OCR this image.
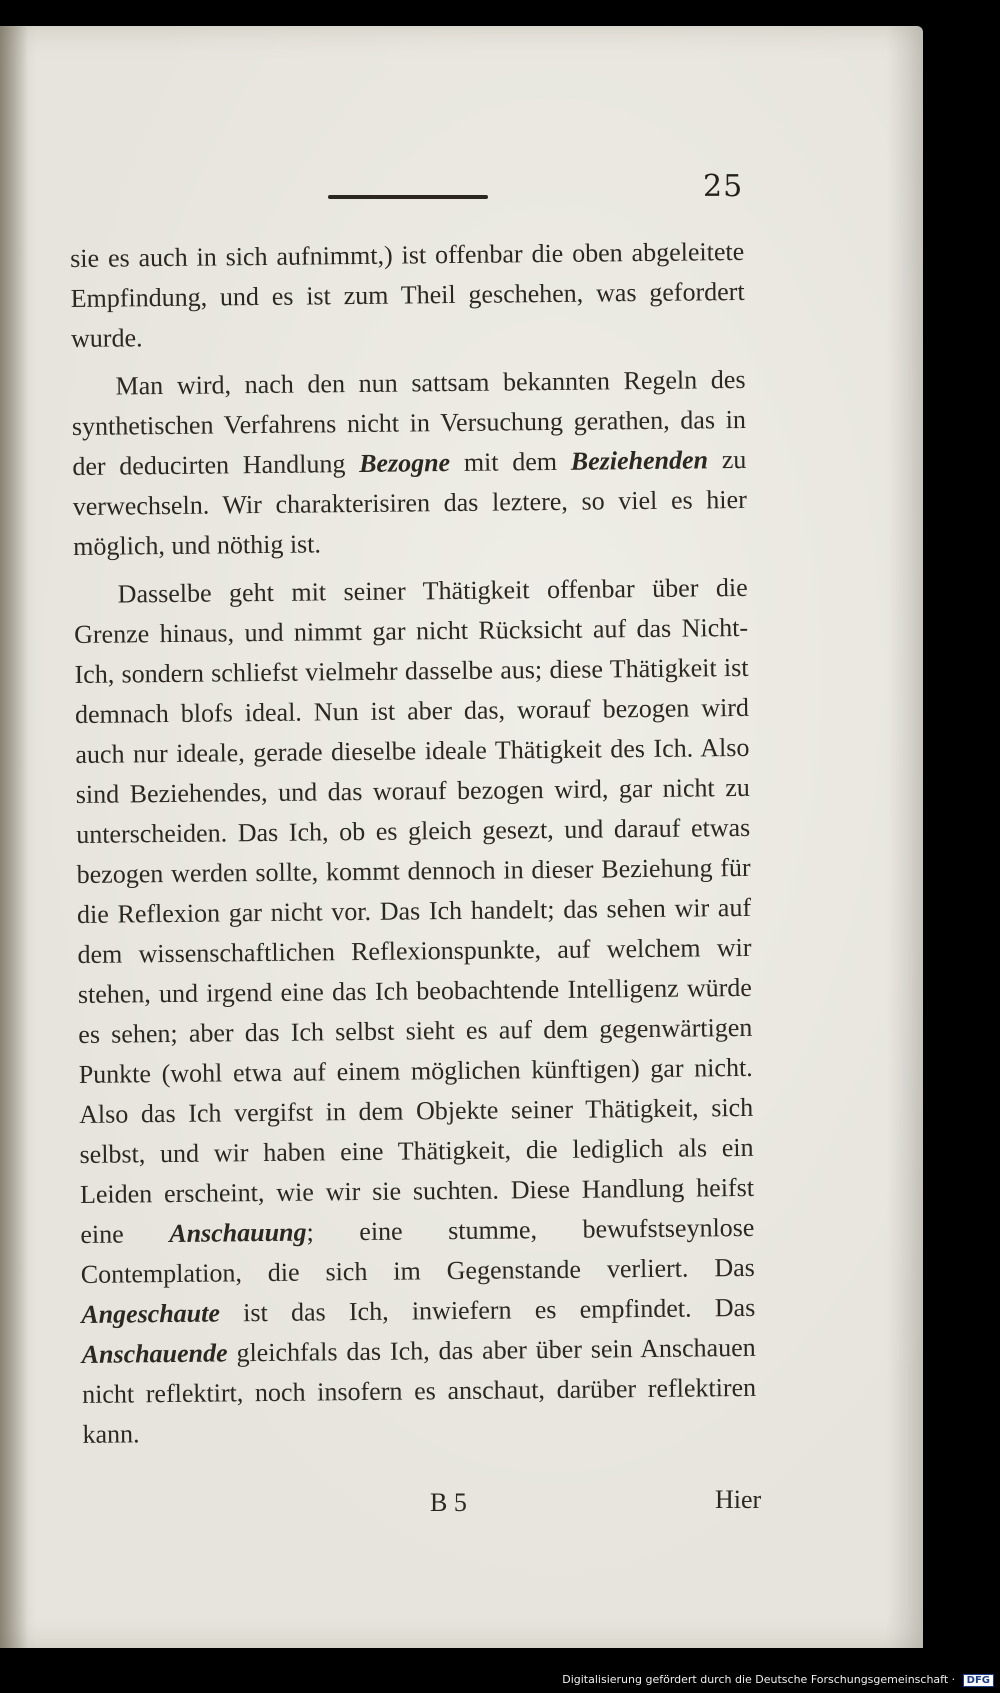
25

sie es auch in sich aufnimmt,) ist offenbar die oben abgeleitete Empfindung, und es ist zum Theil geschehen, was gefordert wurde.

Man wird, nach den nun sattsam bekannten Regeln des synthetischen Verfahrens nicht in Versuchung gerathen, das in der deducirten Handlung Bezogne mit dem Beziehenden zu verwechseln. Wir charakterisiren das leztere, so viel es hier möglich, und nöthig ist.

Dasselbe geht mit seiner Thätigkeit offenbar über die Grenze hinaus, und nimmt gar nicht Rücksicht auf das Nicht-Ich, sondern schliefst vielmehr dasselbe aus; diese Thätigkeit ist demnach blofs ideal. Nun ist aber das, worauf bezogen wird auch nur ideale, gerade dieselbe ideale Thätigkeit des Ich. Also sind Beziehendes, und das worauf bezogen wird, gar nicht zu unterscheiden. Das Ich, ob es gleich gesezt, und darauf etwas bezogen werden sollte, kommt dennoch in dieser Beziehung für die Reflexion gar nicht vor. Das Ich handelt; das sehen wir auf dem wissenschaftlichen Reflexionspunkte, auf welchem wir stehen, und irgend eine das Ich beobachtende Intelligenz würde es sehen; aber das Ich selbst sieht es auf dem gegenwärtigen Punkte (wohl etwa auf einem möglichen künftigen) gar nicht. Also das Ich vergifst in dem Objekte seiner Thätigkeit, sich selbst, und wir haben eine Thätigkeit, die lediglich als ein Leiden erscheint, wie wir sie suchten. Diese Handlung heifst eine Anschauung; eine stumme, bewufstseynlose Contemplation, die sich im Gegenstande verliert. Das Angeschaute ist das Ich, inwiefern es empfindet. Das Anschauende gleichfals das Ich, das aber über sein Anschauen nicht reflektirt, noch insofern es anschaut, darüber reflektiren kann.

B 5	Hier
Digitalisierung gefördert durch die Deutsche Forschungsgemeinschaft · DFG
